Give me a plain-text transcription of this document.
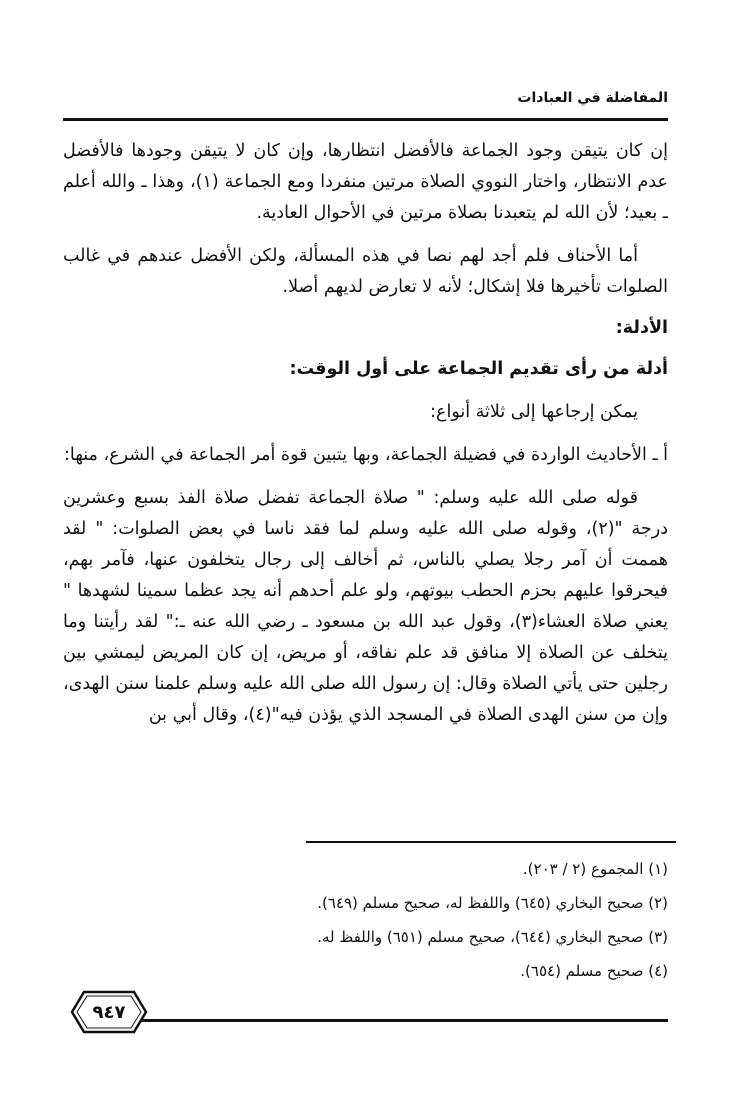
المفاضلة في العبادات

إن كان يتيقن وجود الجماعة فالأفضل انتظارها، وإن كان لا يتيقن وجودها فالأفضل عدم الانتظار، واختار النووي الصلاة مرتين منفردا ومع الجماعة (١)، وهذا ـ والله أعلم ـ بعيد؛ لأن الله لم يتعبدنا بصلاة مرتين في الأحوال العادية.

أما الأحناف فلم أجد لهم نصا في هذه المسألة، ولكن الأفضل عندهم في غالب الصلوات تأخيرها فلا إشكال؛ لأنه لا تعارض لديهم أصلا.

الأدلة:

أدلة من رأى تقديم الجماعة على أول الوقت:

يمكن إرجاعها إلى ثلاثة أنواع:

أ ـ الأحاديث الواردة في فضيلة الجماعة، وبها يتبين قوة أمر الجماعة في الشرع، منها:

قوله صلى الله عليه وسلم: " صلاة الجماعة تفضل صلاة الفذ بسبع وعشرين درجة "(٢)، وقوله صلى الله عليه وسلم لما فقد ناسا في بعض الصلوات: " لقد هممت أن آمر رجلا يصلي بالناس، ثم أخالف إلى رجال يتخلفون عنها، فآمر بهم، فيحرقوا عليهم بحزم الحطب بيوتهم، ولو علم أحدهم أنه يجد عظما سمينا لشهدها " يعني صلاة العشاء(٣)، وقول عبد الله بن مسعود ـ رضي الله عنه ـ:" لقد رأيتنا وما يتخلف عن الصلاة إلا منافق قد علم نفاقه، أو مريض، إن كان المريض ليمشي بين رجلين حتى يأتي الصلاة وقال: إن رسول الله صلى الله عليه وسلم علمنا سنن الهدى، وإن من سنن الهدى الصلاة في المسجد الذي يؤذن فيه"(٤)، وقال أبي بن

(١) المجموع (٢ / ٢٠٣).
(٢) صحيح البخاري (٦٤٥) واللفظ له، صحيح مسلم (٦٤٩).
(٣) صحيح البخاري (٦٤٤)، صحيح مسلم (٦٥١) واللفظ له.
(٤) صحيح مسلم (٦٥٤).
٩٤٧
